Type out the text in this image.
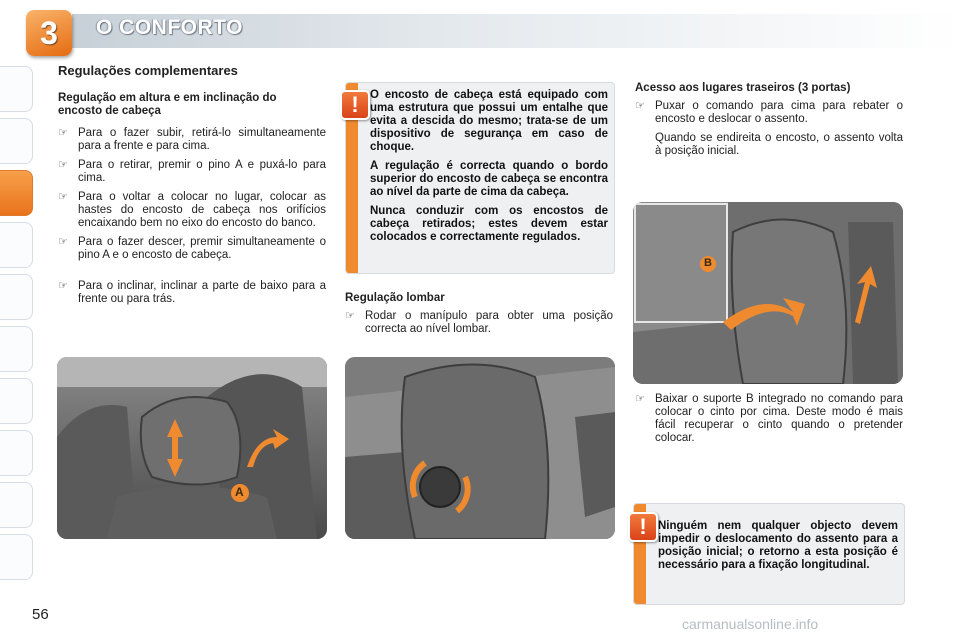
3	O CONFORTO
Regulações complementares
Regulação em altura e em inclinação do encosto de cabeça
☞ Para o fazer subir, retirá-lo simultaneamente para a frente e para cima.
☞ Para o retirar, premir o pino A e puxá-lo para cima.
☞ Para o voltar a colocar no lugar, colocar as hastes do encosto de cabeça nos orifícios encaixando bem no eixo do encosto do banco.
☞ Para o fazer descer, premir simultaneamente o pino A e o encosto de cabeça.
☞ Para o inclinar, inclinar a parte de baixo para a frente ou para trás.
O encosto de cabeça está equipado com uma estrutura que possui um entalhe que evita a descida do mesmo; trata-se de um dispositivo de segurança em caso de choque.
A regulação é correcta quando o bordo superior do encosto de cabeça se encontra ao nível da parte de cima da cabeça.
Nunca conduzir com os encostos de cabeça retirados; estes devem estar colocados e correctamente regulados.
!
Regulação lombar
☞ Rodar o manípulo para obter uma posição correcta ao nível lombar.
Acesso aos lugares traseiros (3 portas)
☞ Puxar o comando para cima para rebater o encosto e deslocar o assento.
Quando se endireita o encosto, o assento volta à posição inicial.
A
B
☞ Baixar o suporte B integrado no comando para colocar o cinto por cima. Deste modo é mais fácil recuperar o cinto quando o pretender colocar.
Ninguém nem qualquer objecto devem impedir o deslocamento do assento para a posição inicial; o retorno a esta posição é necessário para a fixação longitudinal.
!
56
carmanualsonline.info
